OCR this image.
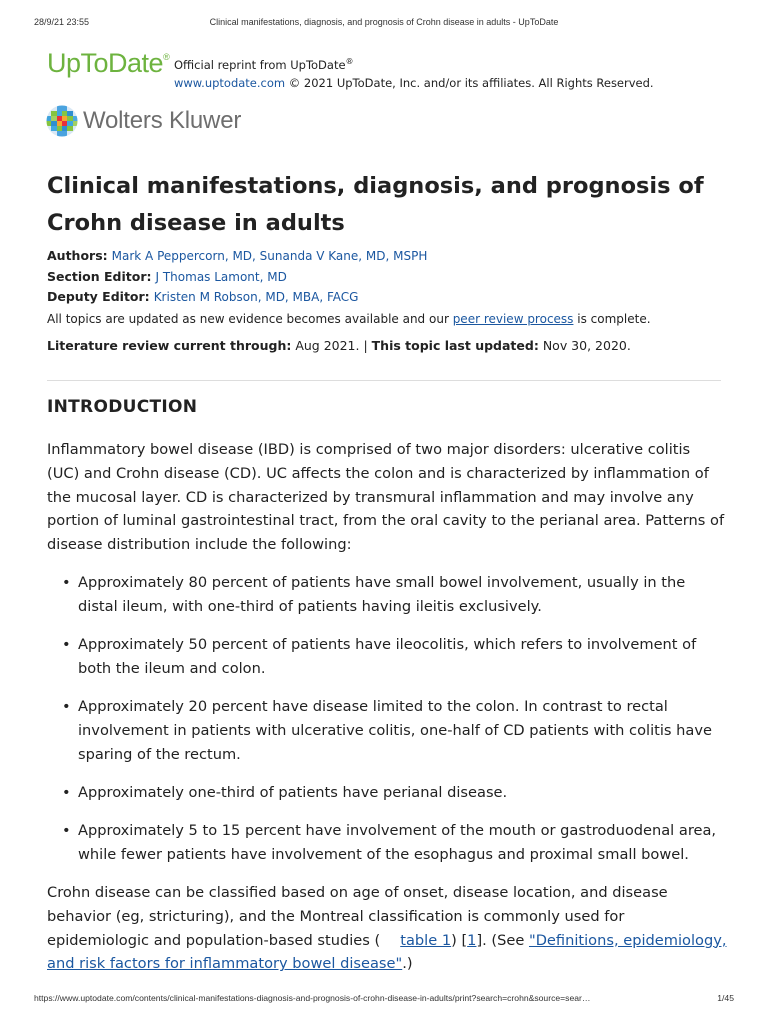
28/9/21 23:55	Clinical manifestations, diagnosis, and prognosis of Crohn disease in adults - UpToDate
UpToDate®
Official reprint from UpToDate®
www.uptodate.com © 2021 UpToDate, Inc. and/or its affiliates. All Rights Reserved.
Wolters Kluwer
Clinical manifestations, diagnosis, and prognosis of Crohn disease in adults
Authors: Mark A Peppercorn, MD, Sunanda V Kane, MD, MSPH
Section Editor: J Thomas Lamont, MD
Deputy Editor: Kristen M Robson, MD, MBA, FACG
All topics are updated as new evidence becomes available and our peer review process is complete.
Literature review current through: Aug 2021. | This topic last updated: Nov 30, 2020.
INTRODUCTION

Inflammatory bowel disease (IBD) is comprised of two major disorders: ulcerative colitis (UC) and Crohn disease (CD). UC affects the colon and is characterized by inflammation of the mucosal layer. CD is characterized by transmural inflammation and may involve any portion of luminal gastrointestinal tract, from the oral cavity to the perianal area. Patterns of disease distribution include the following:

• Approximately 80 percent of patients have small bowel involvement, usually in the distal ileum, with one-third of patients having ileitis exclusively.
• Approximately 50 percent of patients have ileocolitis, which refers to involvement of both the ileum and colon.
• Approximately 20 percent have disease limited to the colon. In contrast to rectal involvement in patients with ulcerative colitis, one-half of CD patients with colitis have sparing of the rectum.
• Approximately one-third of patients have perianal disease.
• Approximately 5 to 15 percent have involvement of the mouth or gastroduodenal area, while fewer patients have involvement of the esophagus and proximal small bowel.

Crohn disease can be classified based on age of onset, disease location, and disease behavior (eg, stricturing), and the Montreal classification is commonly used for epidemiologic and population-based studies ( table 1) [1]. (See "Definitions, epidemiology, and risk factors for inflammatory bowel disease".)

https://www.uptodate.com/contents/clinical-manifestations-diagnosis-and-prognosis-of-crohn-disease-in-adults/print?search=crohn&source=sear…	1/45
